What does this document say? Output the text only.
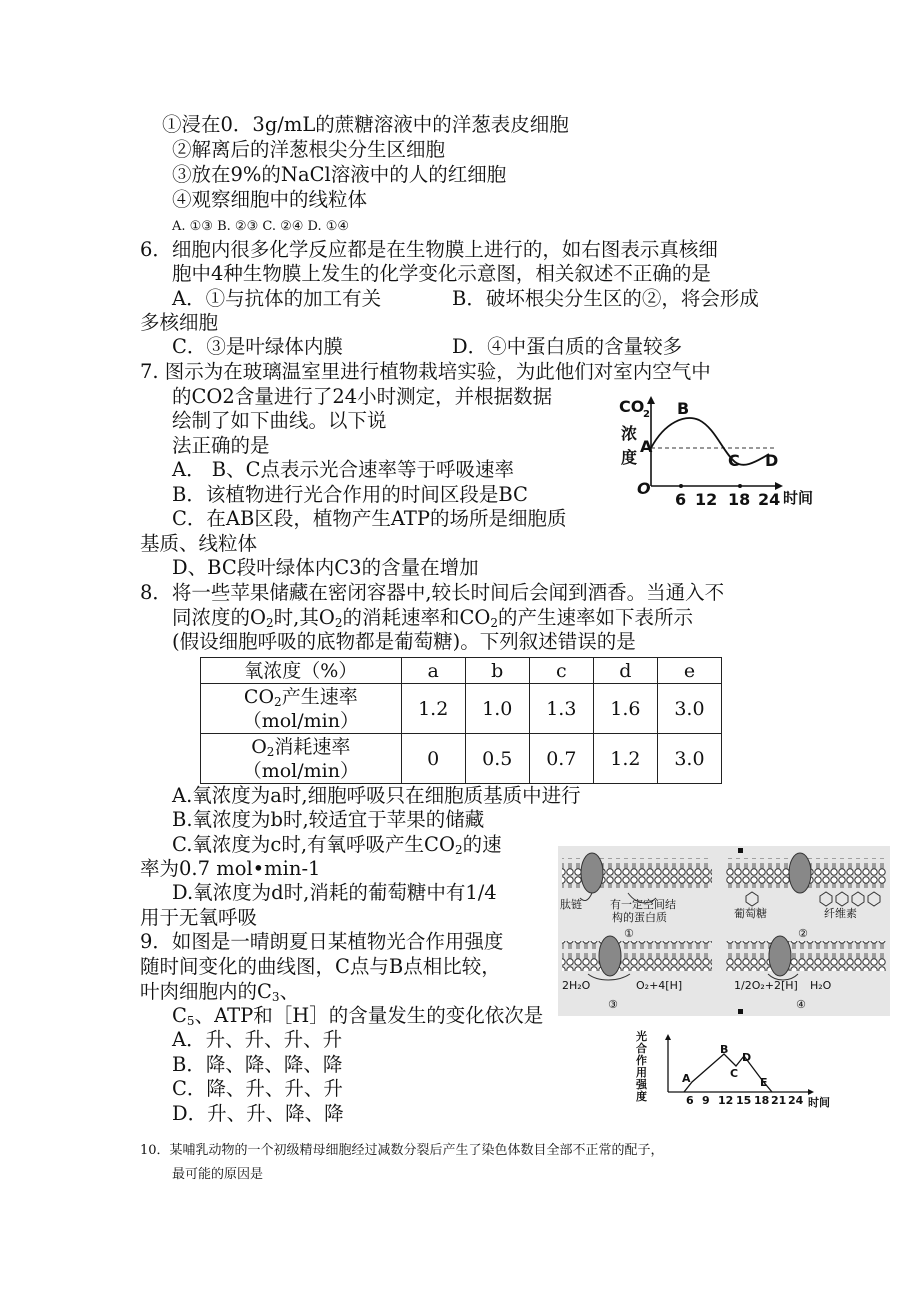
①浸在0．3g/mL的蔗糖溶液中的洋葱表皮细胞
②解离后的洋葱根尖分生区细胞
③放在9%的NaCl溶液中的人的红细胞
④观察细胞中的线粒体
A. ①③ B. ②③ C. ②④ D. ①④
6．细胞内很多化学反应都是在生物膜上进行的，如右图表示真核细
胞中4种生物膜上发生的化学变化示意图，相关叙述不正确的是
A．①与抗体的加工有关	B．破坏根尖分生区的②，将会形成
多核细胞
C．③是叶绿体内膜	D．④中蛋白质的含量较多
7. 图示为在玻璃温室里进行植物栽培实验，为此他们对室内空气中
的CO2含量进行了24小时测定，并根据数据
绘制了如下曲线。以下说
法正确的是
A． B、C点表示光合速率等于呼吸速率
B．该植物进行光合作用的时间区段是BC
C．在AB区段，植物产生ATP的场所是细胞质
基质、线粒体
D、BC段叶绿体内C3的含量在增加
CO
2
浓
度
O
6 12 18 24 时间
B
A
C D
8．将一些苹果储藏在密闭容器中,较长时间后会闻到酒香。当通入不
同浓度的$O_2$时,其$O_2$的消耗速率和$CO_2$的产生速率如下表所示
(假设细胞呼吸的底物都是葡萄糖)。下列叙述错误的是
氧浓度（%）	a	b	c	d	e
$CO_2$产生速率
（mol/min）	1.2	1.0	1.3	1.6	3.0
$O_2$消耗速率
（mol/min）	0	0.5	0.7	1.2	3.0
A.氧浓度为a时,细胞呼吸只在细胞质基质中进行
B.氧浓度为b时,较适宜于苹果的储藏
C.氧浓度为c时,有氧呼吸产生$CO_2$的速
率为0.7 mol•min-1
D.氧浓度为d时,消耗的葡萄糖中有1/4
用于无氧呼吸
肽链	有一定空间结
构的蛋白质
①
葡萄糖	纤维素
②
2H₂O	O₂+4[H]
③
1/2O₂+2[H] H₂O
④
9．如图是一晴朗夏日某植物光合作用强度
随时间变化的曲线图，C点与B点相比较，
叶肉细胞内的$C_3$、
$C_5$、ATP和［H］的含量发生的变化依次是
A．升、升、升、升
B．降、降、降、降
C．降、升、升、升
D．升、升、降、降
光
合
作
用
强
度	6 9 12 15 18 21 24 时间
A
B
C
D
E
10．某哺乳动物的一个初级精母细胞经过减数分裂后产生了染色体数目全部不正常的配子，
最可能的原因是
